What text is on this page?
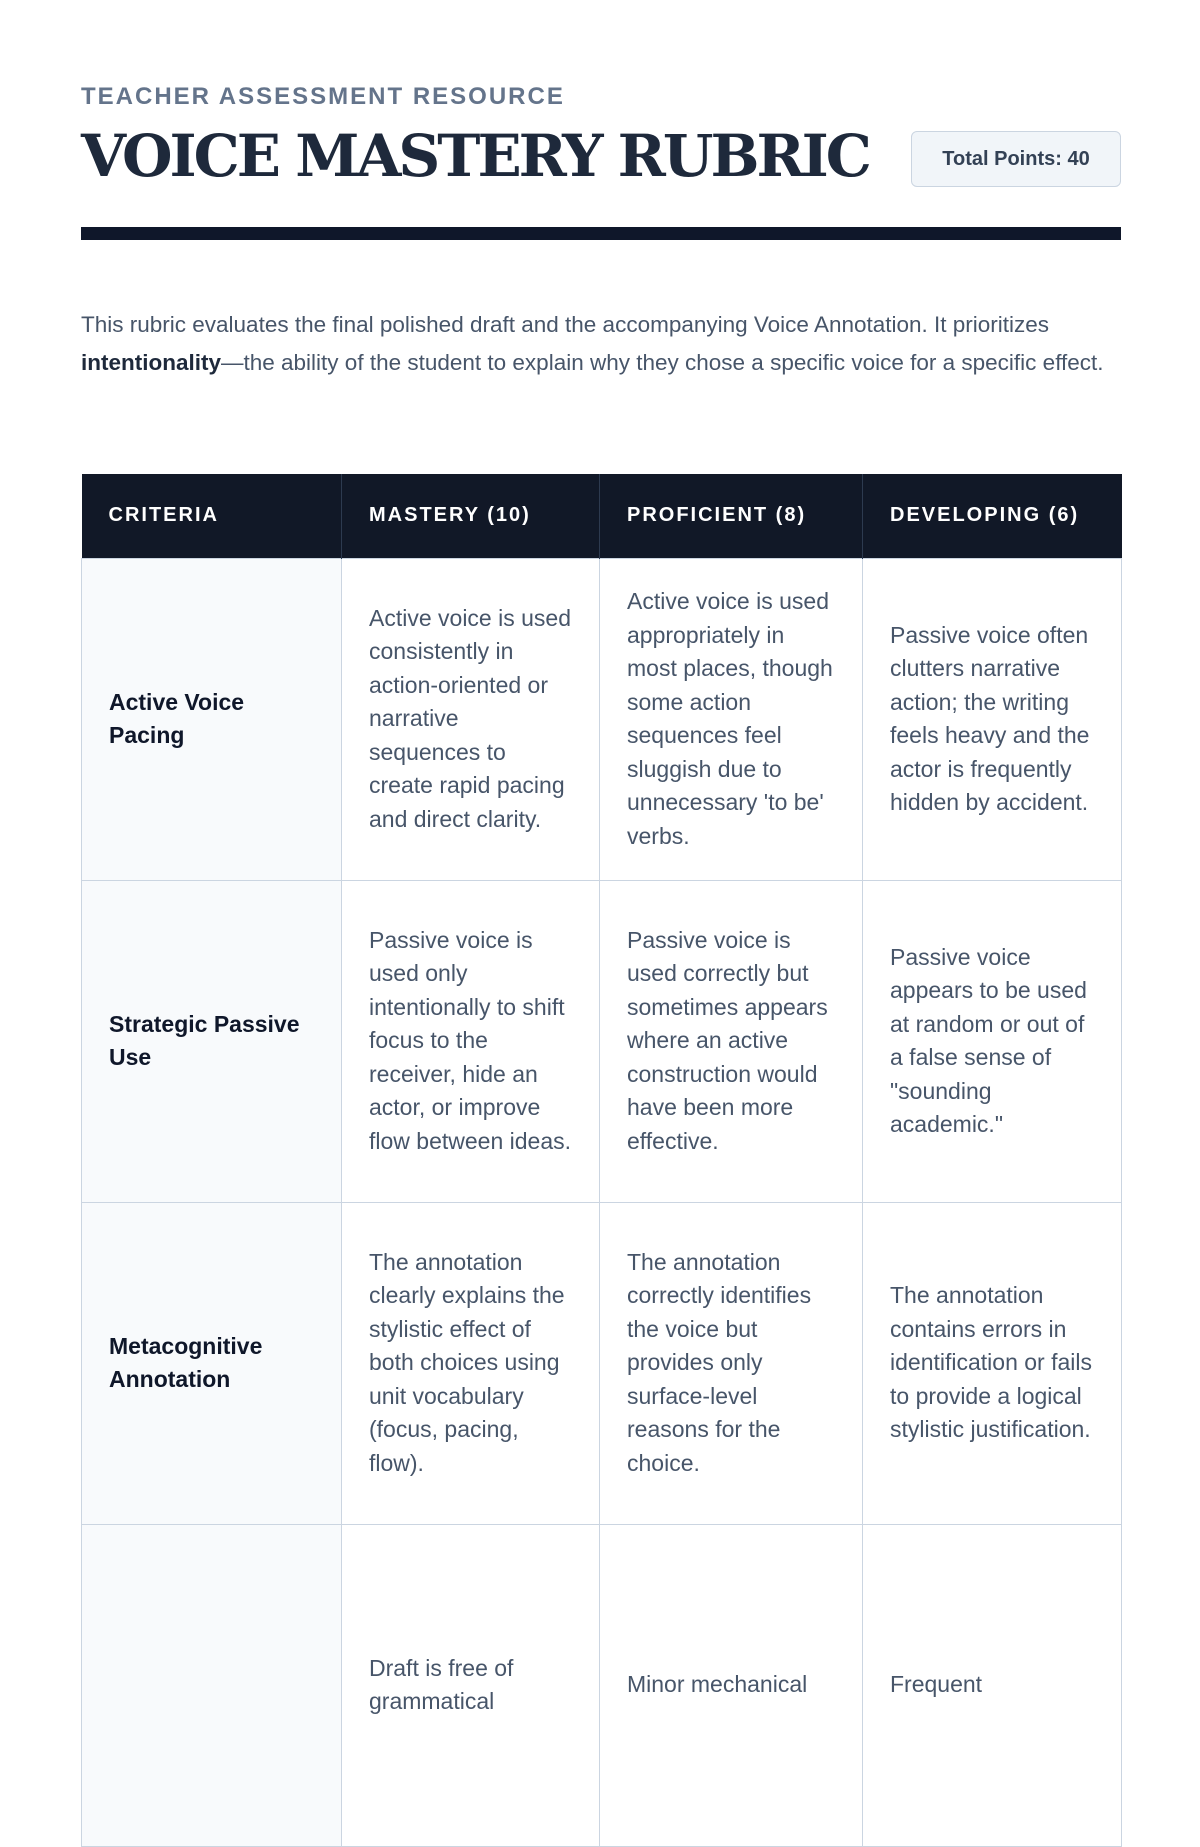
TEACHER ASSESSMENT RESOURCE
VOICE MASTERY RUBRIC	Total Points: 40

This rubric evaluates the final polished draft and the accompanying Voice Annotation. It prioritizes intentionality—the ability of the student to explain why they chose a specific voice for a specific effect.

CRITERIA	MASTERY (10)	PROFICIENT (8)	DEVELOPING (6)
Active Voice Pacing	Active voice is used consistently in action-oriented or narrative sequences to create rapid pacing and direct clarity.	Active voice is used appropriately in most places, though some action sequences feel sluggish due to unnecessary 'to be' verbs.	Passive voice often clutters narrative action; the writing feels heavy and the actor is frequently hidden by accident.
Strategic Passive Use	Passive voice is used only intentionally to shift focus to the receiver, hide an actor, or improve flow between ideas.	Passive voice is used correctly but sometimes appears where an active construction would have been more effective.	Passive voice appears to be used at random or out of a false sense of "sounding academic."
Metacognitive Annotation	The annotation clearly explains the stylistic effect of both choices using unit vocabulary (focus, pacing, flow).	The annotation correctly identifies the voice but provides only surface-level reasons for the choice.	The annotation contains errors in identification or fails to provide a logical stylistic justification.
	Draft is free of grammatical	Minor mechanical	Frequent
